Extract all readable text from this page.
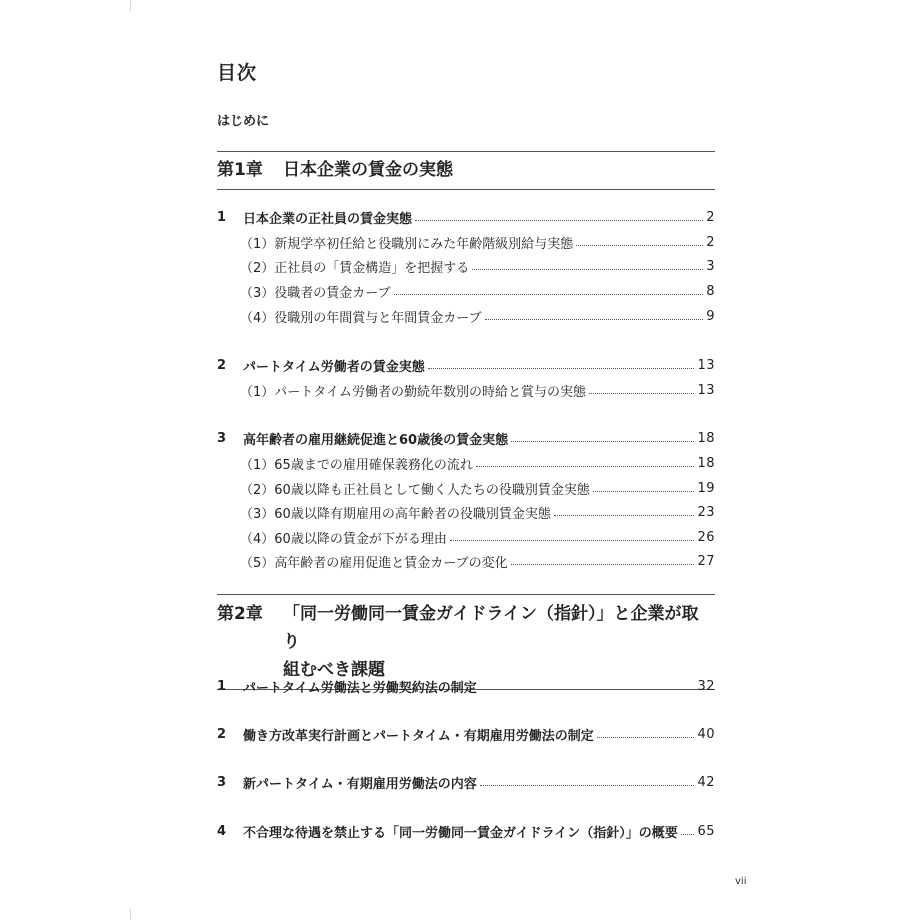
目次
はじめに
第1章	日本企業の賃金の実態
1	日本企業の正社員の賃金実態	2
（1）新規学卒初任給と役職別にみた年齢階級別給与実態	2
（2）正社員の「賃金構造」を把握する	3
（3）役職者の賃金カーブ	8
（4）役職別の年間賞与と年間賃金カーブ	9
2	パートタイム労働者の賃金実態	13
（1）パートタイム労働者の勤続年数別の時給と賞与の実態	13
3	高年齢者の雇用継続促進と60歳後の賃金実態	18
（1）65歳までの雇用確保義務化の流れ	18
（2）60歳以降も正社員として働く人たちの役職別賃金実態	19
（3）60歳以降有期雇用の高年齢者の役職別賃金実態	23
（4）60歳以降の賃金が下がる理由	26
（5）高年齢者の雇用促進と賃金カーブの変化	27
第2章	「同一労働同一賃金ガイドライン（指針）」と企業が取り
組むべき課題
1	パートタイム労働法と労働契約法の制定	32
2	働き方改革実行計画とパートタイム・有期雇用労働法の制定	40
3	新パートタイム・有期雇用労働法の内容	42
4	不合理な待遇を禁止する「同一労働同一賃金ガイドライン（指針）」の概要 65
vii
